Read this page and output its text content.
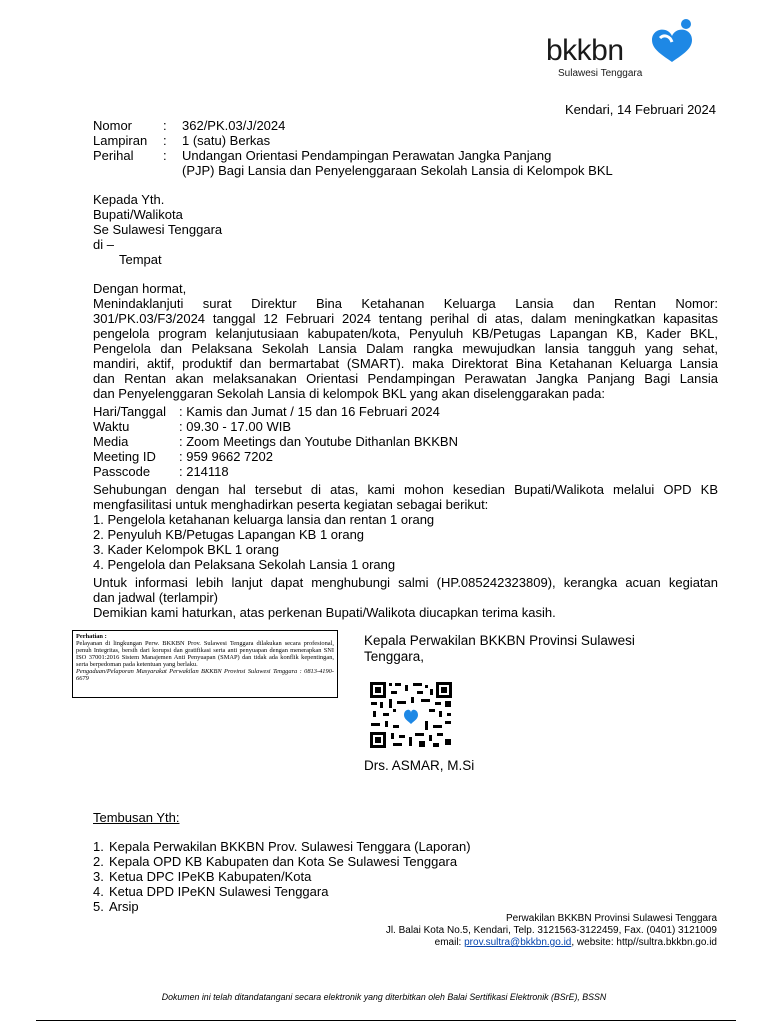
bkkbn
Sulawesi Tenggara
Kendari, 14 Februari 2024
Nomor : 362/PK.03/J/2024
Lampiran : 1 (satu) Berkas
Perihal : Undangan Orientasi Pendampingan Perawatan Jangka Panjang
(PJP) Bagi Lansia dan Penyelenggaraan Sekolah Lansia di Kelompok BKL
Kepada Yth.
Bupati/Walikota
Se Sulawesi Tenggara
di –
Tempat
Dengan hormat,
Menindaklanjuti surat Direktur Bina Ketahanan Keluarga Lansia dan Rentan Nomor:
301/PK.03/F3/2024 tanggal 12 Februari 2024 tentang perihal di atas, dalam meningkatkan kapasitas
pengelola program kelanjutusiaan kabupaten/kota, Penyuluh KB/Petugas Lapangan KB, Kader BKL,
Pengelola dan Pelaksana Sekolah Lansia Dalam rangka mewujudkan lansia tangguh yang sehat,
mandiri, aktif, produktif dan bermartabat (SMART). maka Direktorat Bina Ketahanan Keluarga Lansia
dan Rentan akan melaksanakan Orientasi Pendampingan Perawatan Jangka Panjang Bagi Lansia
dan Penyelenggaran Sekolah Lansia di kelompok BKL yang akan diselenggarakan pada:
Hari/Tanggal : Kamis dan Jumat / 15 dan 16 Februari 2024
Waktu	: 09.30 - 17.00 WIB
Media	: Zoom Meetings dan Youtube Dithanlan BKKBN
Meeting ID : 959 9662 7202
Passcode : 214118
Sehubungan dengan hal tersebut di atas, kami mohon kesedian Bupati/Walikota melalui OPD KB
mengfasilitasi untuk menghadirkan peserta kegiatan sebagai berikut:
1. Pengelola ketahanan keluarga lansia dan rentan 1 orang
2. Penyuluh KB/Petugas Lapangan KB 1 orang
3. Kader Kelompok BKL 1 orang
4. Pengelola dan Pelaksana Sekolah Lansia 1 orang
Untuk informasi lebih lanjut dapat menghubungi salmi (HP.085242323809), kerangka acuan kegiatan
dan jadwal (terlampir)
Demikian kami haturkan, atas perkenan Bupati/Walikota diucapkan terima kasih.
Perhatian :
Pelayanan di lingkungan Perw. BKKBN Prov. Sulawesi Tenggara dilakukan secara profesional, penuh Integritas, bersih dari korupsi dan gratifikasi serta anti penyuapan dengan menerapkan SNI ISO 37001:2016 Sistem Manajemen Anti Penyuapan (SMAP) dan tidak ada konflik kepentingan, serta berpedoman pada ketentuan yang berlaku.
Pengaduan/Pelaporan Masyarakat Perwakilan BKKBN Provinsi Sulawesi Tenggara : 0813-4190-6679
Kepala Perwakilan BKKBN Provinsi Sulawesi Tenggara,
Drs. ASMAR, M.Si
Tembusan Yth:
1. Kepala Perwakilan BKKBN Prov. Sulawesi Tenggara (Laporan)
2. Kepala OPD KB Kabupaten dan Kota Se Sulawesi Tenggara
3. Ketua DPC IPeKB Kabupaten/Kota
4. Ketua DPD IPeKN Sulawesi Tenggara
5. Arsip
Perwakilan BKKBN Provinsi Sulawesi Tenggara
Jl. Balai Kota No.5, Kendari, Telp. 3121563-3122459, Fax. (0401) 3121009
email: prov.sultra@bkkbn.go.id, website: http//sultra.bkkbn.go.id
Dokumen ini telah ditandatangani secara elektronik yang diterbitkan oleh Balai Sertifikasi Elektronik (BSrE), BSSN
